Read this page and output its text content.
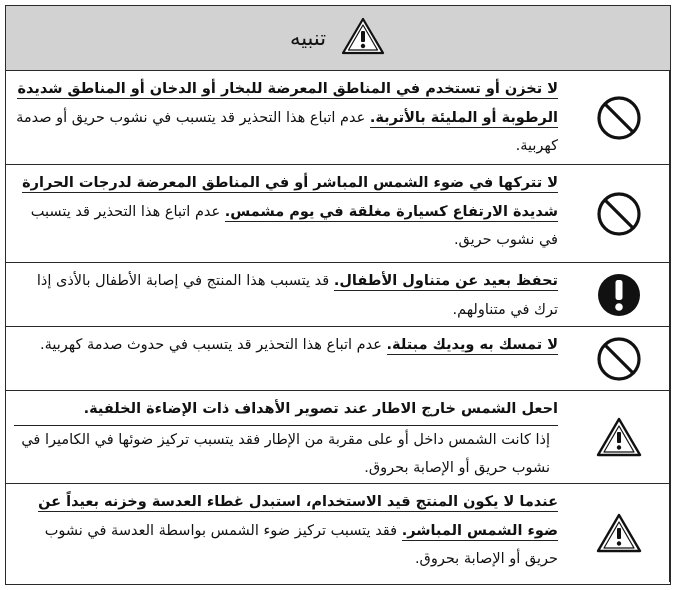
تنبيه
لا تخزن أو تستخدم في المناطق المعرضة للبخار أو الدخان أو المناطق شديدة الرطوبة أو المليئة بالأتربة. عدم اتباع هذا التحذير قد يتسبب في نشوب حريق أو صدمة كهربية.
لا تتركها في ضوء الشمس المباشر أو في المناطق المعرضة لدرجات الحرارة شديدة الارتفاع كسيارة مغلقة في يوم مشمس. عدم اتباع هذا التحذير قد يتسبب في نشوب حريق.
تحفظ بعيد عن متناول الأطفال. قد يتسبب هذا المنتج في إصابة الأطفال بالأذى إذا ترك في متناولهم.
لا تمسك به ويديك مبتلة. عدم اتباع هذا التحذير قد يتسبب في حدوث صدمة كهربية.
احعل الشمس خارج الاطار عند تصوير الأهداف ذات الإضاءة الخلفية.
إذا كانت الشمس داخل أو على مقربة من الإطار فقد يتسبب تركيز ضوئها في الكاميرا في نشوب حريق أو الإصابة بحروق.
عندما لا يكون المنتج قيد الاستخدام، استبدل غطاء العدسة وخزنه بعيداً عن ضوء الشمس المباشر. فقد يتسبب تركيز ضوء الشمس بواسطة العدسة في نشوب حريق أو الإصابة بحروق.
